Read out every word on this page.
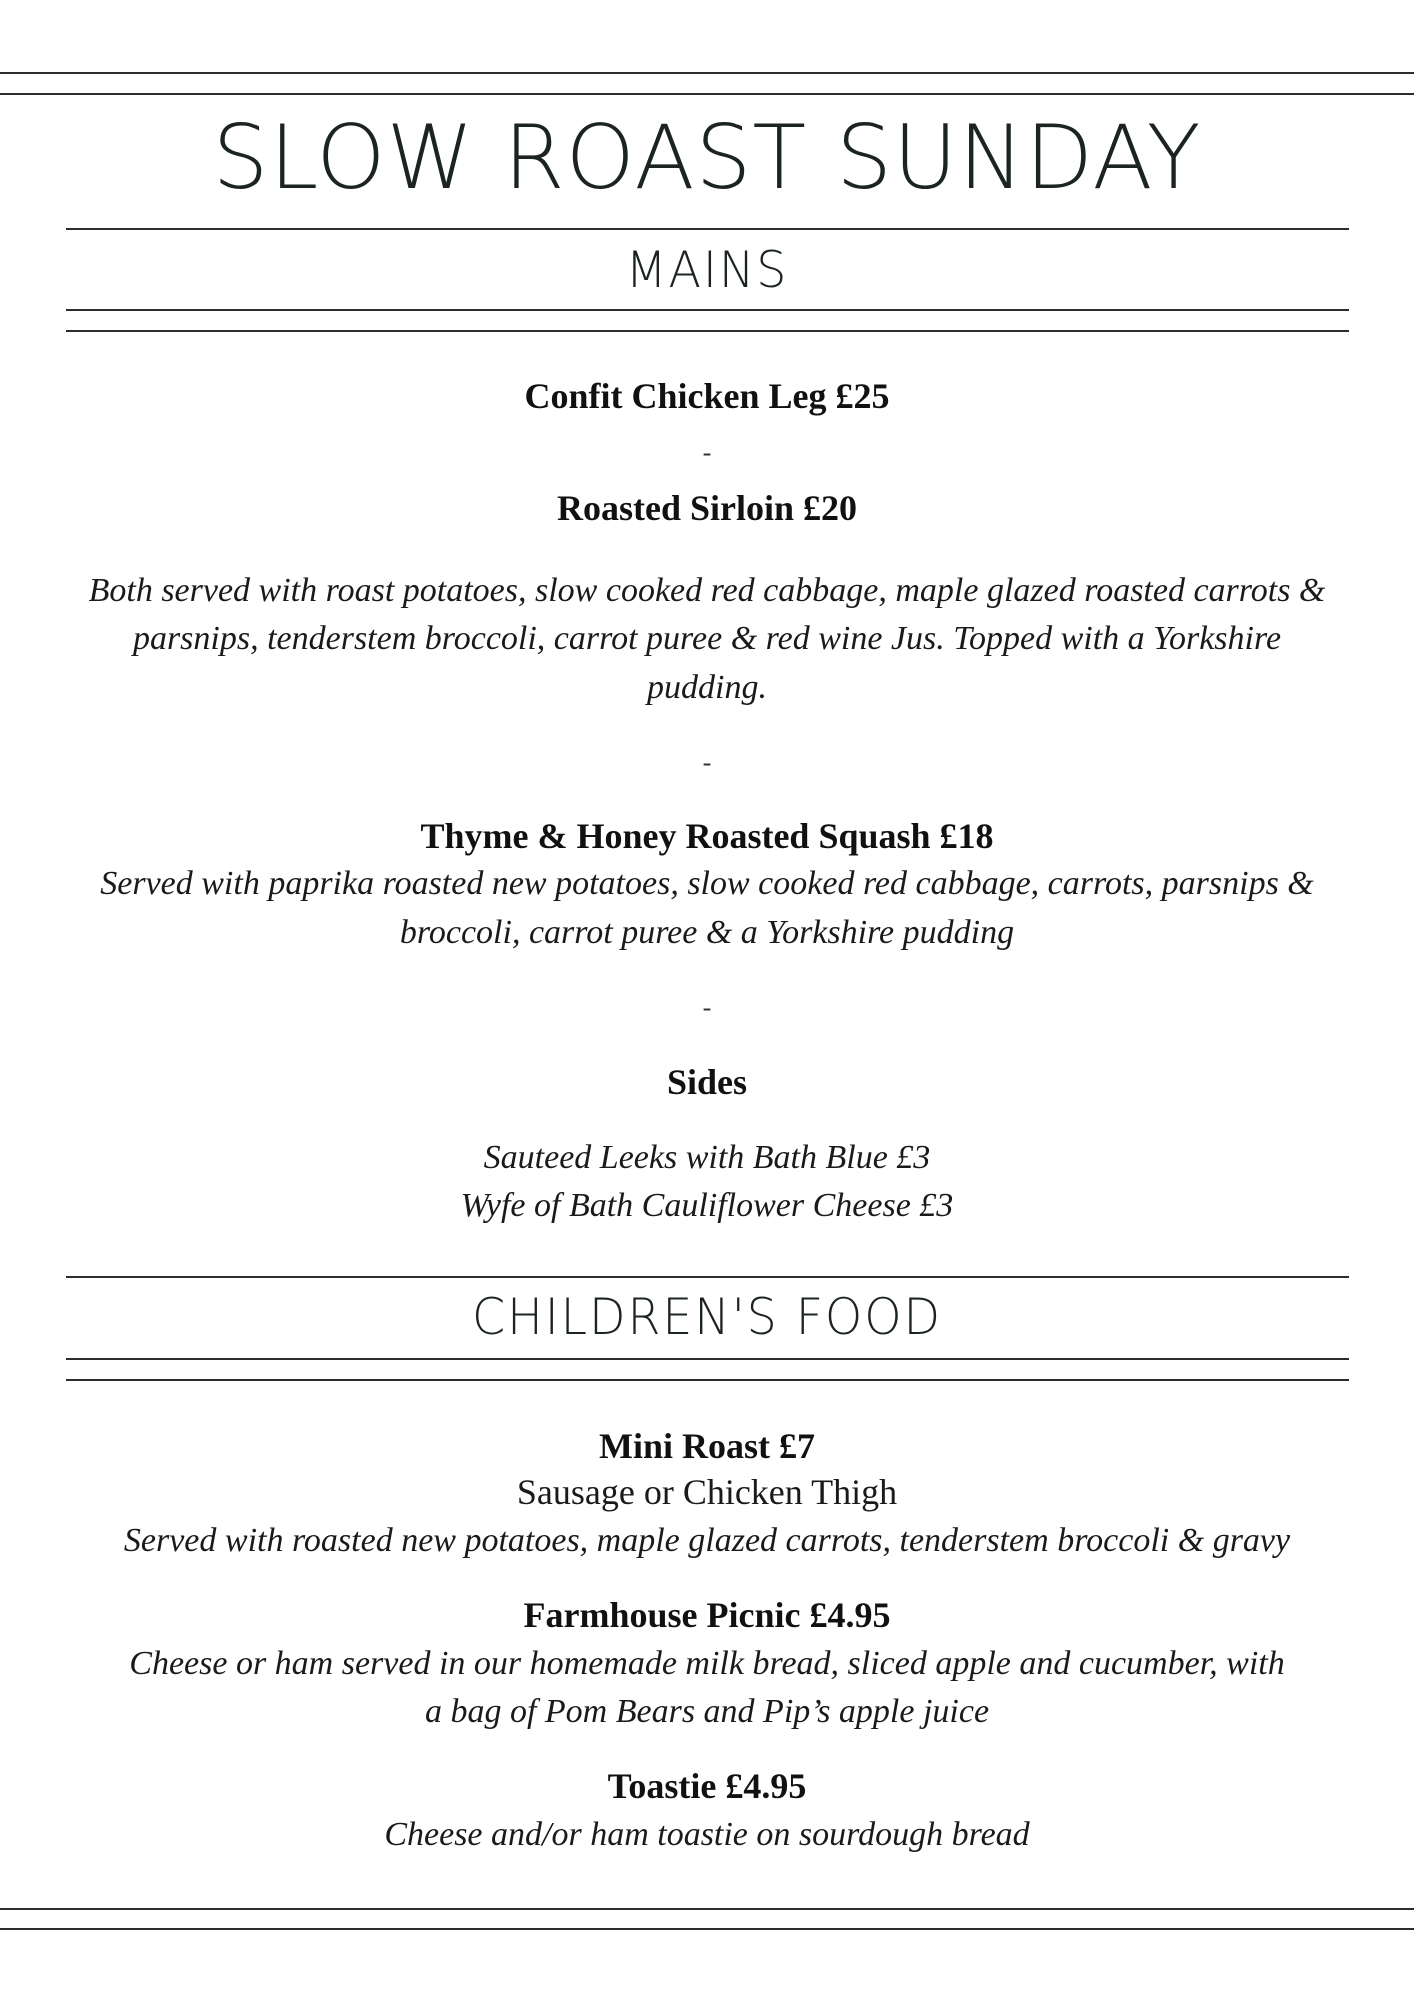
SLOW ROAST SUNDAY
MAINS

Confit Chicken Leg £25

-

Roasted Sirloin £20

Both served with roast potatoes, slow cooked red cabbage, maple glazed roasted carrots &

parsnips, tenderstem broccoli, carrot puree & red wine Jus. Topped with a Yorkshire

pudding.

-

Thyme & Honey Roasted Squash £18

Served with paprika roasted new potatoes, slow cooked red cabbage, carrots, parsnips &

broccoli, carrot puree & a Yorkshire pudding

-

Sides

Sauteed Leeks with Bath Blue £3

Wyfe of Bath Cauliflower Cheese £3

CHILDREN'S FOOD

Mini Roast £7

Sausage or Chicken Thigh

Served with roasted new potatoes, maple glazed carrots, tenderstem broccoli & gravy

Farmhouse Picnic £4.95

Cheese or ham served in our homemade milk bread, sliced apple and cucumber, with

a bag of Pom Bears and Pip’s apple juice

Toastie £4.95

Cheese and/or ham toastie on sourdough bread
